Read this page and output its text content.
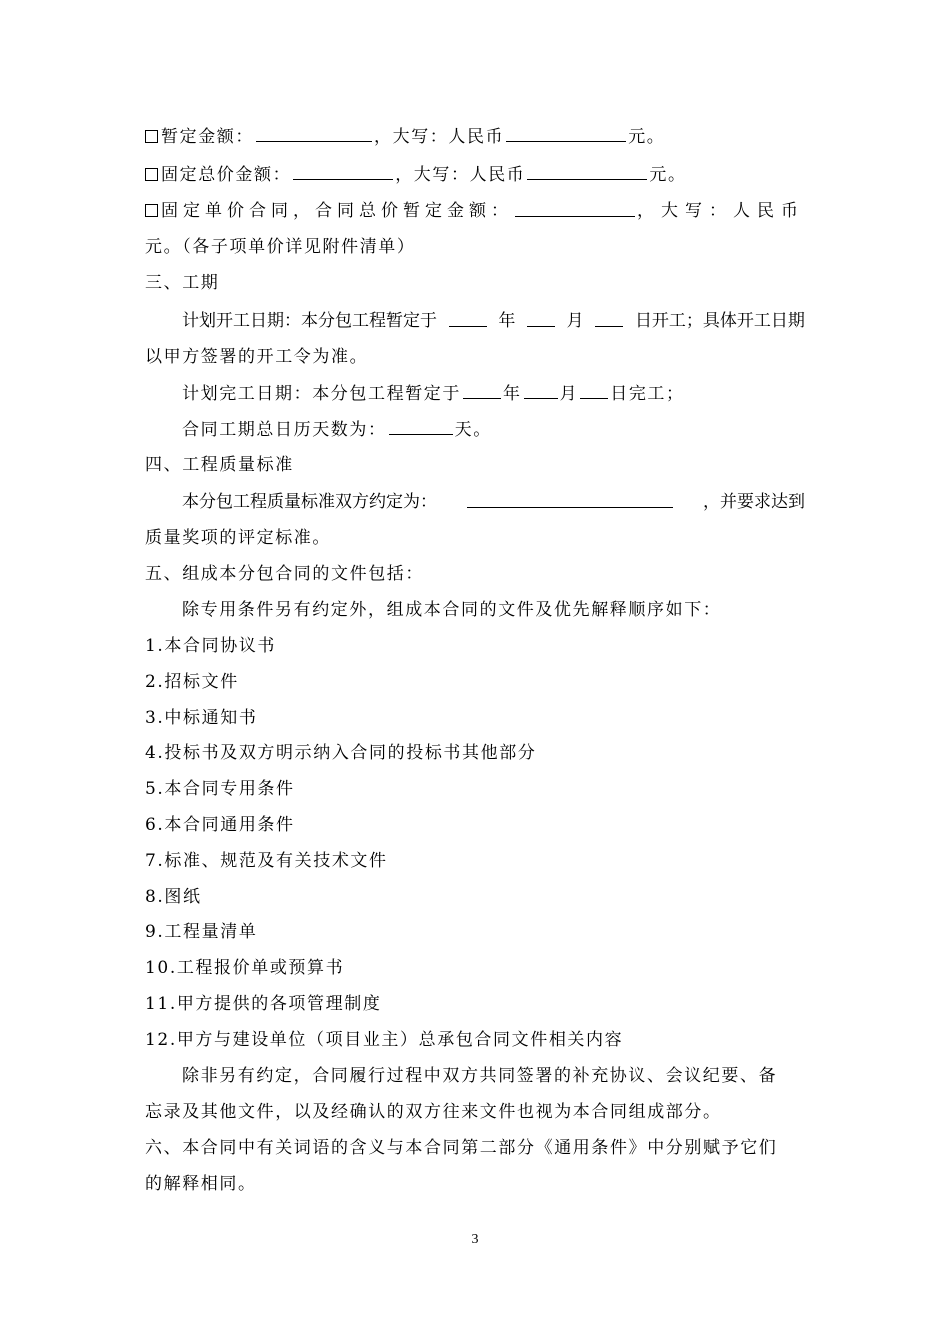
暂定金额：	，大写：人民币	元。
固定总价金额：	，大写：人民币	元。
固定单价合同，合同总价暂定金额：	，大写：人民币
元。（各子项单价详见附件清单）
三、工期
计划开工日期：本分包工程暂定于	年	月	日开工；具体开工日期
以甲方签署的开工令为准。
计划完工日期：本分包工程暂定于 年 月 日完工；
合同工期总日历天数为：	天。
四、工程质量标准
本分包工程质量标准双方约定为：	，并要求达到
质量奖项的评定标准。
五、组成本分包合同的文件包括：
除专用条件另有约定外，组成本合同的文件及优先解释顺序如下：
1.本合同协议书
2.招标文件
3.中标通知书
4.投标书及双方明示纳入合同的投标书其他部分
5.本合同专用条件
6.本合同通用条件
7.标准、规范及有关技术文件
8.图纸
9.工程量清单
10.工程报价单或预算书
11.甲方提供的各项管理制度
12.甲方与建设单位（项目业主）总承包合同文件相关内容
除非另有约定，合同履行过程中双方共同签署的补充协议、会议纪要、备
忘录及其他文件，以及经确认的双方往来文件也视为本合同组成部分。
六、本合同中有关词语的含义与本合同第二部分《通用条件》中分别赋予它们
的解释相同。
3
